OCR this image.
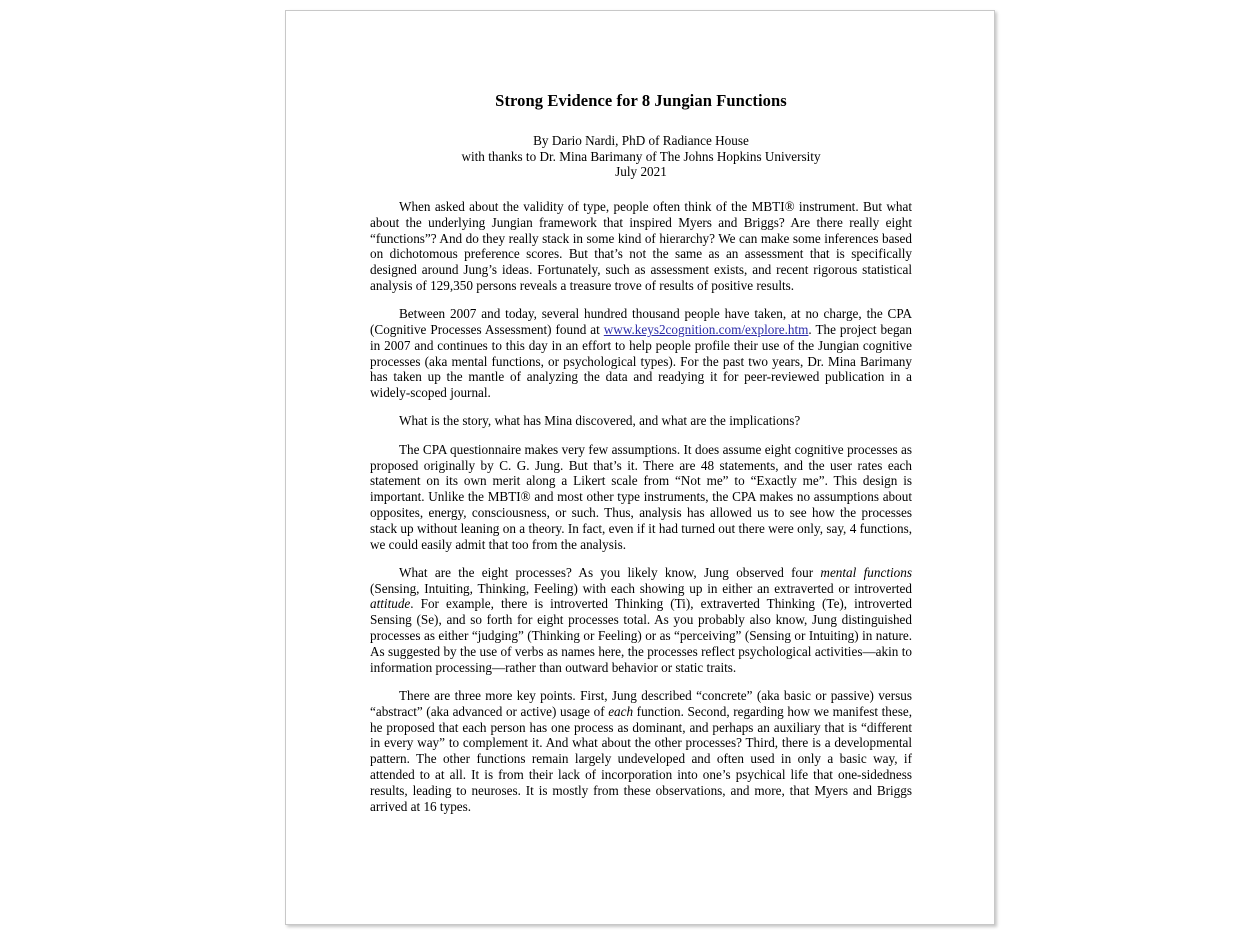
Strong Evidence for 8 Jungian Functions
By Dario Nardi, PhD of Radiance House
with thanks to Dr. Mina Barimany of The Johns Hopkins University
July 2021

When asked about the validity of type, people often think of the MBTI® instrument. But what about the underlying Jungian framework that inspired Myers and Briggs? Are there really eight “functions”? And do they really stack in some kind of hierarchy? We can make some inferences based on dichotomous preference scores. But that’s not the same as an assessment that is specifically designed around Jung’s ideas. Fortunately, such as assessment exists, and recent rigorous statistical analysis of 129,350 persons reveals a treasure trove of results of positive results.

Between 2007 and today, several hundred thousand people have taken, at no charge, the CPA (Cognitive Processes Assessment) found at www.keys2cognition.com/explore.htm. The project began in 2007 and continues to this day in an effort to help people profile their use of the Jungian cognitive processes (aka mental functions, or psychological types). For the past two years, Dr. Mina Barimany has taken up the mantle of analyzing the data and readying it for peer-reviewed publication in a widely-scoped journal.

What is the story, what has Mina discovered, and what are the implications?

The CPA questionnaire makes very few assumptions. It does assume eight cognitive processes as proposed originally by C. G. Jung. But that’s it. There are 48 statements, and the user rates each statement on its own merit along a Likert scale from “Not me” to “Exactly me”. This design is important. Unlike the MBTI® and most other type instruments, the CPA makes no assumptions about opposites, energy, consciousness, or such. Thus, analysis has allowed us to see how the processes stack up without leaning on a theory. In fact, even if it had turned out there were only, say, 4 functions, we could easily admit that too from the analysis.

What are the eight processes? As you likely know, Jung observed four mental functions (Sensing, Intuiting, Thinking, Feeling) with each showing up in either an extraverted or introverted attitude. For example, there is introverted Thinking (Ti), extraverted Thinking (Te), introverted Sensing (Se), and so forth for eight processes total. As you probably also know, Jung distinguished processes as either “judging” (Thinking or Feeling) or as “perceiving” (Sensing or Intuiting) in nature. As suggested by the use of verbs as names here, the processes reflect psychological activities—akin to information processing—rather than outward behavior or static traits.

There are three more key points. First, Jung described “concrete” (aka basic or passive) versus “abstract” (aka advanced or active) usage of each function. Second, regarding how we manifest these, he proposed that each person has one process as dominant, and perhaps an auxiliary that is “different in every way” to complement it. And what about the other processes? Third, there is a developmental pattern. The other functions remain largely undeveloped and often used in only a basic way, if attended to at all. It is from their lack of incorporation into one’s psychical life that one-sidedness results, leading to neuroses. It is mostly from these observations, and more, that Myers and Briggs arrived at 16 types.
